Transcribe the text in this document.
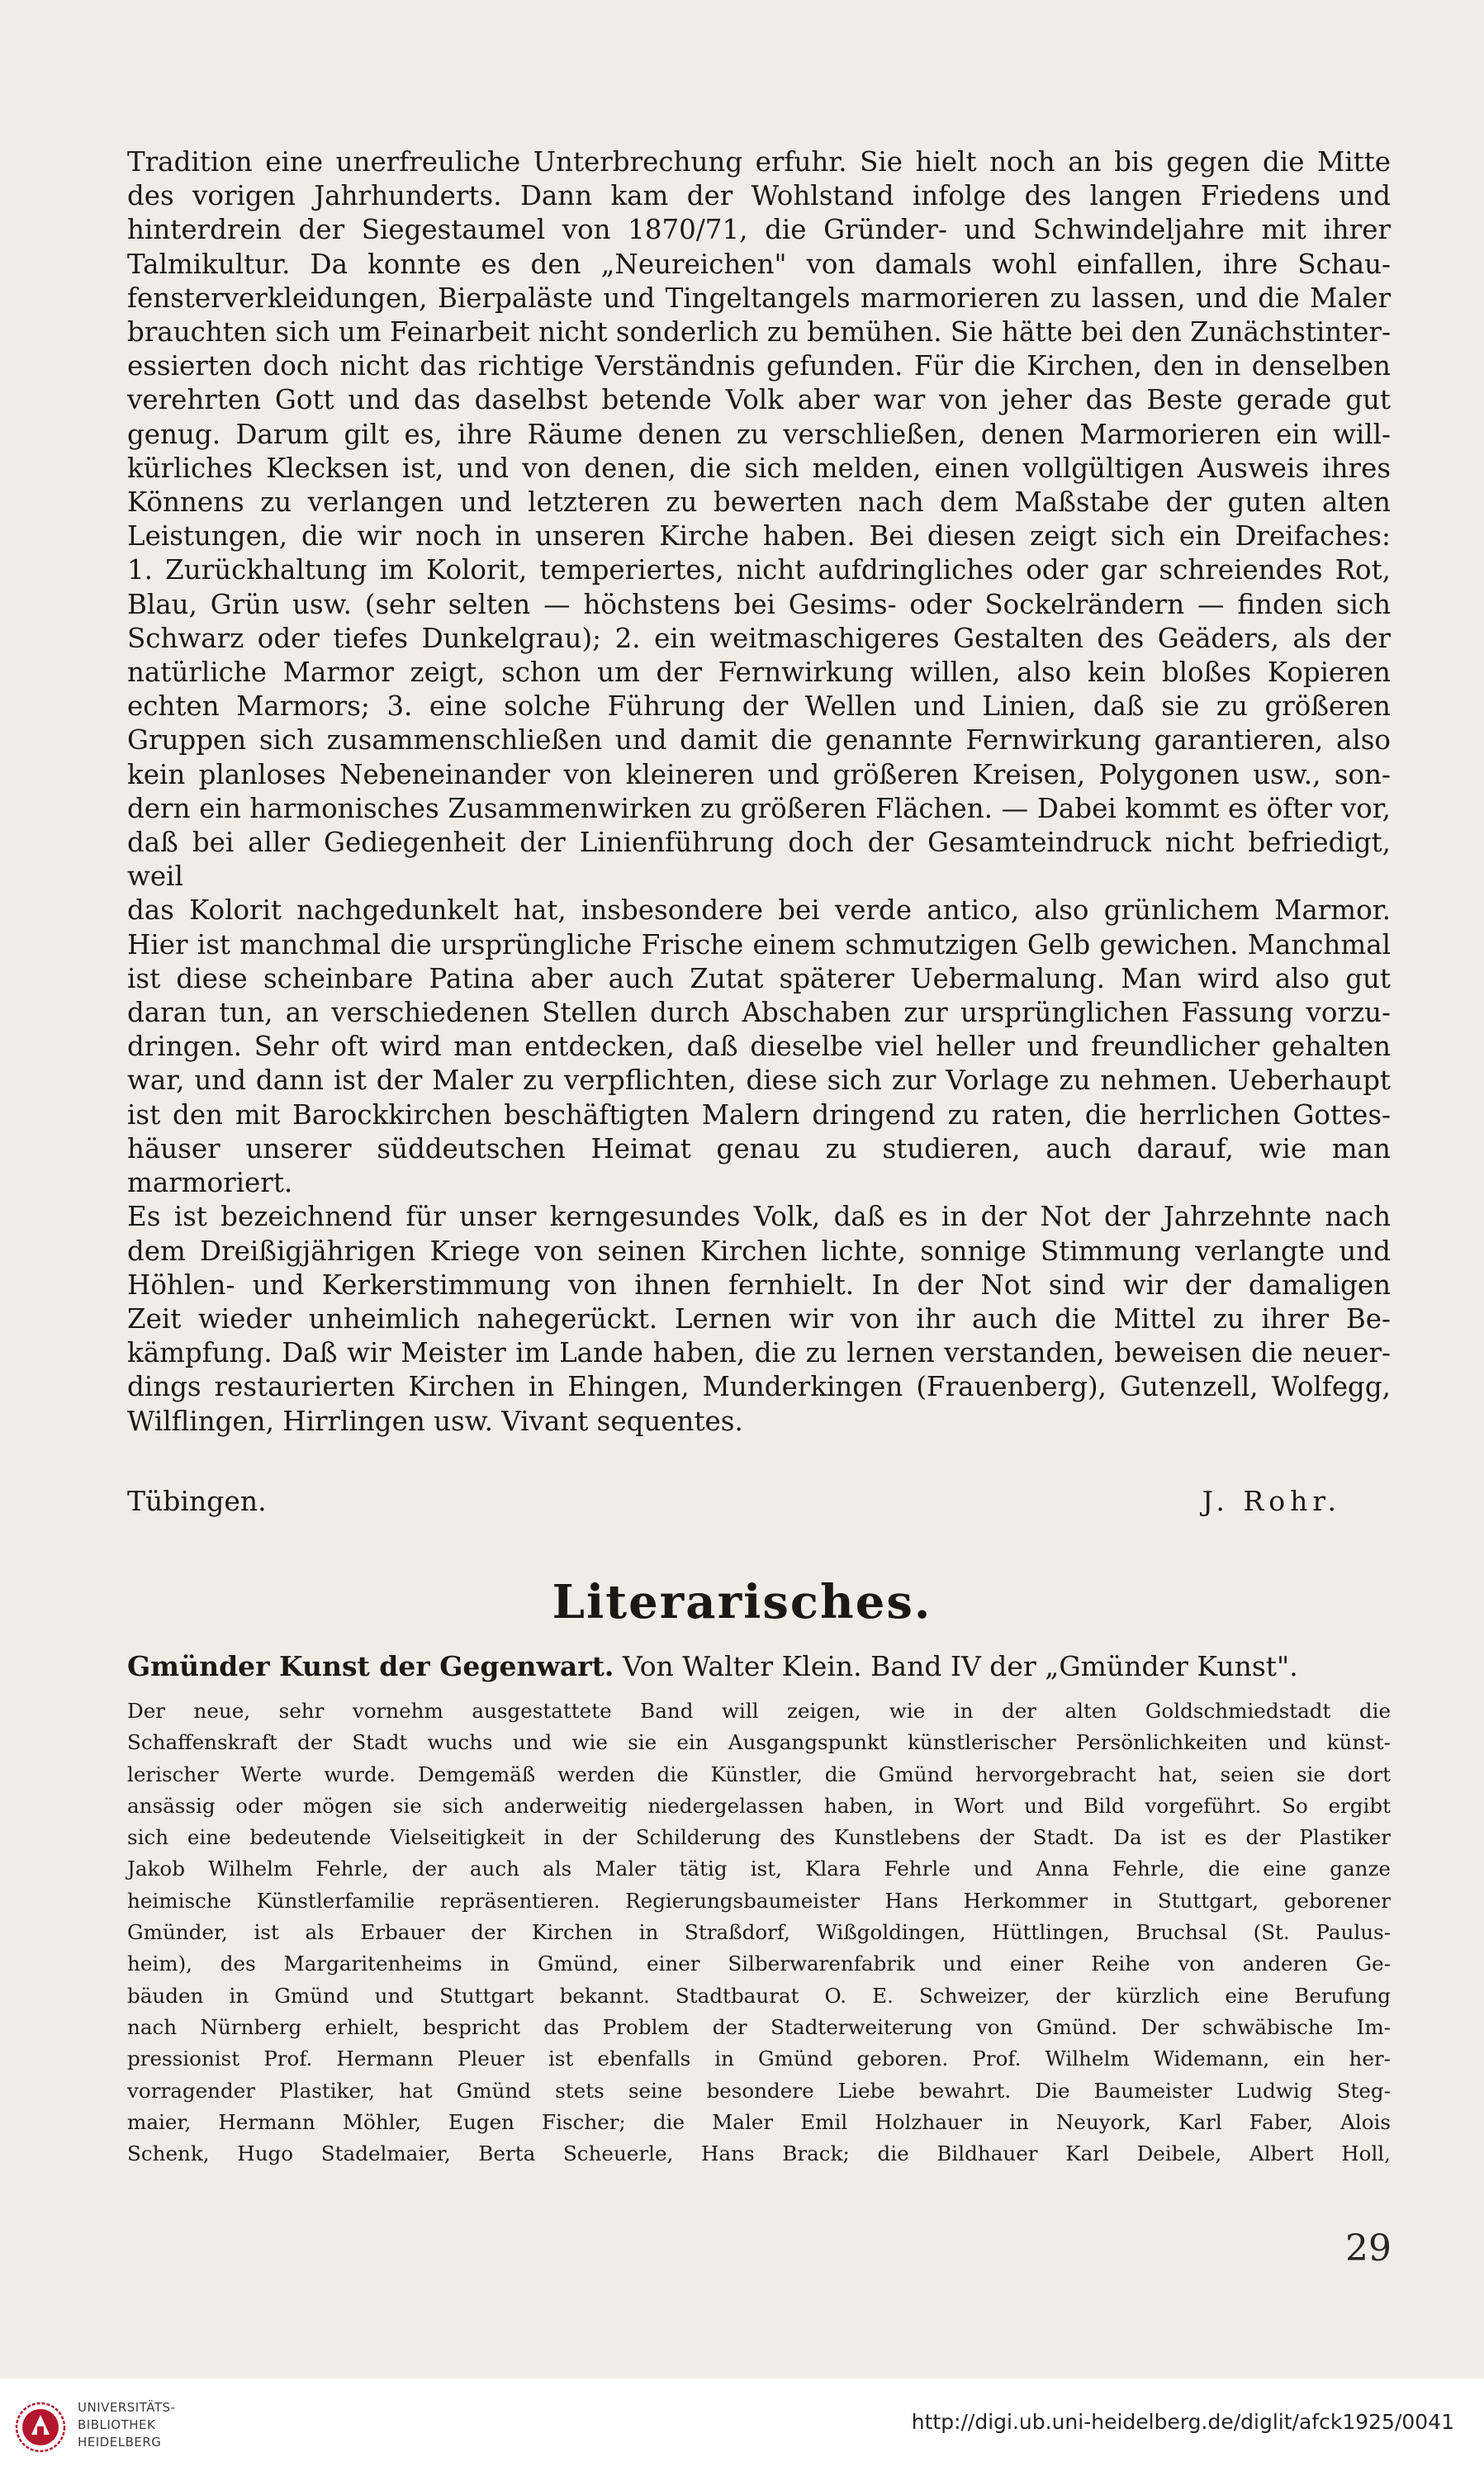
Tradition eine unerfreuliche Unterbrechung erfuhr. Sie hielt noch an bis gegen die Mitte
des vorigen Jahrhunderts. Dann kam der Wohlstand infolge des langen Friedens und
hinterdrein der Siegestaumel von 1870/71, die Gründer- und Schwindeljahre mit ihrer
Talmikultur. Da konnte es den „Neureichen" von damals wohl einfallen, ihre Schau-
fensterverkleidungen, Bierpaläste und Tingeltangels marmorieren zu lassen, und die Maler
brauchten sich um Feinarbeit nicht sonderlich zu bemühen. Sie hätte bei den Zunächstinter-
essierten doch nicht das richtige Verständnis gefunden. Für die Kirchen, den in denselben
verehrten Gott und das daselbst betende Volk aber war von jeher das Beste gerade gut
genug. Darum gilt es, ihre Räume denen zu verschließen, denen Marmorieren ein will-
kürliches Klecksen ist, und von denen, die sich melden, einen vollgültigen Ausweis ihres
Könnens zu verlangen und letzteren zu bewerten nach dem Maßstabe der guten alten
Leistungen, die wir noch in unseren Kirche haben. Bei diesen zeigt sich ein Dreifaches:
1. Zurückhaltung im Kolorit, temperiertes, nicht aufdringliches oder gar schreiendes Rot,
Blau, Grün usw. (sehr selten — höchstens bei Gesims- oder Sockelrändern — finden sich
Schwarz oder tiefes Dunkelgrau); 2. ein weitmaschigeres Gestalten des Geäders, als der
natürliche Marmor zeigt, schon um der Fernwirkung willen, also kein bloßes Kopieren
echten Marmors; 3. eine solche Führung der Wellen und Linien, daß sie zu größeren
Gruppen sich zusammenschließen und damit die genannte Fernwirkung garantieren, also
kein planloses Nebeneinander von kleineren und größeren Kreisen, Polygonen usw., son-
dern ein harmonisches Zusammenwirken zu größeren Flächen. — Dabei kommt es öfter vor,
daß bei aller Gediegenheit der Linienführung doch der Gesamteindruck nicht befriedigt, weil
das Kolorit nachgedunkelt hat, insbesondere bei verde antico, also grünlichem Marmor.
Hier ist manchmal die ursprüngliche Frische einem schmutzigen Gelb gewichen. Manchmal
ist diese scheinbare Patina aber auch Zutat späterer Uebermalung. Man wird also gut
daran tun, an verschiedenen Stellen durch Abschaben zur ursprünglichen Fassung vorzu-
dringen. Sehr oft wird man entdecken, daß dieselbe viel heller und freundlicher gehalten
war, und dann ist der Maler zu verpflichten, diese sich zur Vorlage zu nehmen. Ueberhaupt
ist den mit Barockkirchen beschäftigten Malern dringend zu raten, die herrlichen Gottes-
häuser unserer süddeutschen Heimat genau zu studieren, auch darauf, wie man marmoriert.
Es ist bezeichnend für unser kerngesundes Volk, daß es in der Not der Jahrzehnte nach
dem Dreißigjährigen Kriege von seinen Kirchen lichte, sonnige Stimmung verlangte und
Höhlen- und Kerkerstimmung von ihnen fernhielt. In der Not sind wir der damaligen
Zeit wieder unheimlich nahegerückt. Lernen wir von ihr auch die Mittel zu ihrer Be-
kämpfung. Daß wir Meister im Lande haben, die zu lernen verstanden, beweisen die neuer-
dings restaurierten Kirchen in Ehingen, Munderkingen (Frauenberg), Gutenzell, Wolfegg,
Wilflingen, Hirrlingen usw. Vivant sequentes.
Tübingen.	J. Rohr.
Literarisches.
Gmünder Kunst der Gegenwart. Von Walter Klein. Band IV der „Gmünder Kunst".
Der neue, sehr vornehm ausgestattete Band will zeigen, wie in der alten Goldschmiedstadt die
Schaffenskraft der Stadt wuchs und wie sie ein Ausgangspunkt künstlerischer Persönlichkeiten und künst-
lerischer Werte wurde. Demgemäß werden die Künstler, die Gmünd hervorgebracht hat, seien sie dort
ansässig oder mögen sie sich anderweitig niedergelassen haben, in Wort und Bild vorgeführt. So ergibt
sich eine bedeutende Vielseitigkeit in der Schilderung des Kunstlebens der Stadt. Da ist es der Plastiker
Jakob Wilhelm Fehrle, der auch als Maler tätig ist, Klara Fehrle und Anna Fehrle, die eine ganze
heimische Künstlerfamilie repräsentieren. Regierungsbaumeister Hans Herkommer in Stuttgart, geborener
Gmünder, ist als Erbauer der Kirchen in Straßdorf, Wißgoldingen, Hüttlingen, Bruchsal (St. Paulus-
heim), des Margaritenheims in Gmünd, einer Silberwarenfabrik und einer Reihe von anderen Ge-
bäuden in Gmünd und Stuttgart bekannt. Stadtbaurat O. E. Schweizer, der kürzlich eine Berufung
nach Nürnberg erhielt, bespricht das Problem der Stadterweiterung von Gmünd. Der schwäbische Im-
pressionist Prof. Hermann Pleuer ist ebenfalls in Gmünd geboren. Prof. Wilhelm Widemann, ein her-
vorragender Plastiker, hat Gmünd stets seine besondere Liebe bewahrt. Die Baumeister Ludwig Steg-
maier, Hermann Möhler, Eugen Fischer; die Maler Emil Holzhauer in Neuyork, Karl Faber, Alois
Schenk, Hugo Stadelmaier, Berta Scheuerle, Hans Brack; die Bildhauer Karl Deibele, Albert Holl,
29
UNIVERSITÄTS-
BIBLIOTHEK
HEIDELBERG
http://digi.ub.uni-heidelberg.de/diglit/afck1925/0041
